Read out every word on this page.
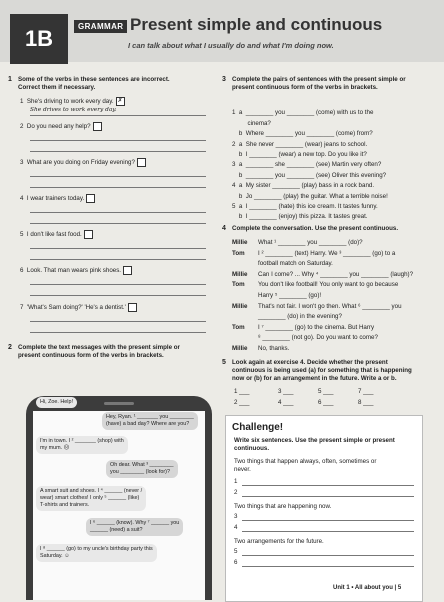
1B	GRAMMAR Present simple and continuous
I can talk about what I usually do and what I'm doing now.
1 Some of the verbs in these sentences are incorrect.
Correct them if necessary.
1 She's driving to work every day. ✗
She drives to work every day.
2 Do you need any help?
3 What are you doing on Friday evening?
4 I wear trainers today.
5 I don't like fast food.
6 Look. That man wears pink shoes.
7 'What's Sam doing?' 'He's a dentist.'
2 Complete the text messages with the present simple or
present continuous form of the verbs in brackets.
Hi, Zoe. Help!
Hey, Ryan. ¹ _______ you ________
(have) a bad day? Where are you?
I'm in town. I ² _______ (shop) with
my mum. ☹
Oh dear. What ³ ________
you ________ (look for)?
A smart suit and shoes. I ⁴ ______ (never /
wear) smart clothes! I only ⁵ ______ (like)
T-shirts and trainers.
I ⁶ ______ (know). Why ⁷ ______ you
______ (need) a suit?
I ⁸ ______ (go) to my uncle's birthday party this
Saturday. ☺
3 Complete the pairs of sentences with the present simple or
present continuous form of the verbs in brackets.

1  a  ________ you ________ (come) with us to the
cinema?
b  Where ________ you ________ (come) from?
2  a  She never ________ (wear) jeans to school.
b  I ________ (wear) a new top. Do you like it?
3  a  ________ she ________ (see) Martin very often?
b  ________ you ________ (see) Oliver this evening?
4  a  My sister ________ (play) bass in a rock band.
b  Jo ________ (play) the guitar. What a terrible noise!
5  a  I ________ (hate) this ice cream. It tastes funny.
b  I ________ (enjoy) this pizza. It tastes great.

4 Complete the conversation. Use the present continuous.
Millie What ¹ ________ you ________ (do)?
Tom I ² ________ (text) Harry. We ³ ________ (go) to a
football match on Saturday.
Millie Can I come? ... Why ⁴ ________ you ________ (laugh)?
Tom You don't like football! You only want to go because
Harry ⁵ ________ (go)!
Millie That's not fair. I won't go then. What ⁶ ________ you
________ (do) in the evening?
Tom I ⁷ ________ (go) to the cinema. But Harry
⁸ ________ (not go). Do you want to come?
Millie No, thanks.
5 Look again at exercise 4. Decide whether the present
continuous is being used (a) for something that is happening
now or (b) for an arrangement in the future. Write a or b.
1 ___	3 ___	5 ___	7 ___
2 ___	4 ___	6 ___	8 ___
Challenge!
Write six sentences. Use the present simple or present
continuous.
Two things that happen always, often, sometimes or
never.
1
2
Two things that are happening now.
3
4
Two arrangements for the future.
5
6
Unit 1 • All about you | 5
